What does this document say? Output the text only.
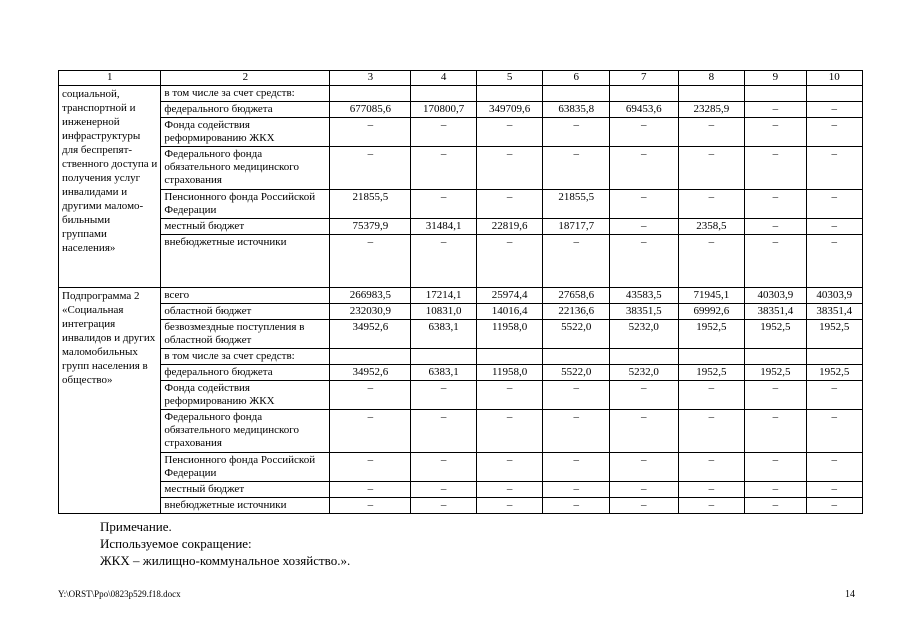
1	2	3	4	5	6	7	8	9	10
социальной, транспортной и инженерной инфраструктуры для беспрепят-ственного доступа и получения услуг инвалидами и другими маломо-бильными группами населения»	в том числе за счет средств:								
	федерального бюджета	677085,6	170800,7	349709,6	63835,8	69453,6	23285,9	–	–
	Фонда содействия реформированию ЖКХ	–	–	–	–	–	–	–	–
	Федерального фонда обязательного медицинского страхования	–	–	–	–	–	–	–	–
	Пенсионного фонда Российской Федерации	21855,5	–	–	21855,5	–	–	–	–
	местный бюджет	75379,9	31484,1	22819,6	18717,7	–	2358,5	–	–
	внебюджетные источники	–	–	–	–	–	–	–	–
Подпрограмма 2 «Социальная интеграция инвалидов и других маломобильных групп населения в общество»	всего	266983,5	17214,1	25974,4	27658,6	43583,5	71945,1	40303,9	40303,9
	областной бюджет	232030,9	10831,0	14016,4	22136,6	38351,5	69992,6	38351,4	38351,4
	безвозмездные поступления в областной бюджет	34952,6	6383,1	11958,0	5522,0	5232,0	1952,5	1952,5	1952,5
	в том числе за счет средств:								
	федерального бюджета	34952,6	6383,1	11958,0	5522,0	5232,0	1952,5	1952,5	1952,5
	Фонда содействия реформированию ЖКХ	–	–	–	–	–	–	–	–
	Федерального фонда обязательного медицинского страхования	–	–	–	–	–	–	–	–
	Пенсионного фонда Российской Федерации	–	–	–	–	–	–	–	–
	местный бюджет	–	–	–	–	–	–	–	–
	внебюджетные источники	–	–	–	–	–	–	–	–
Примечание.
Используемое сокращение:
ЖКХ – жилищно-коммунальное хозяйство.».
Y:\ORST\Ppo\0823p529.f18.docx	14
